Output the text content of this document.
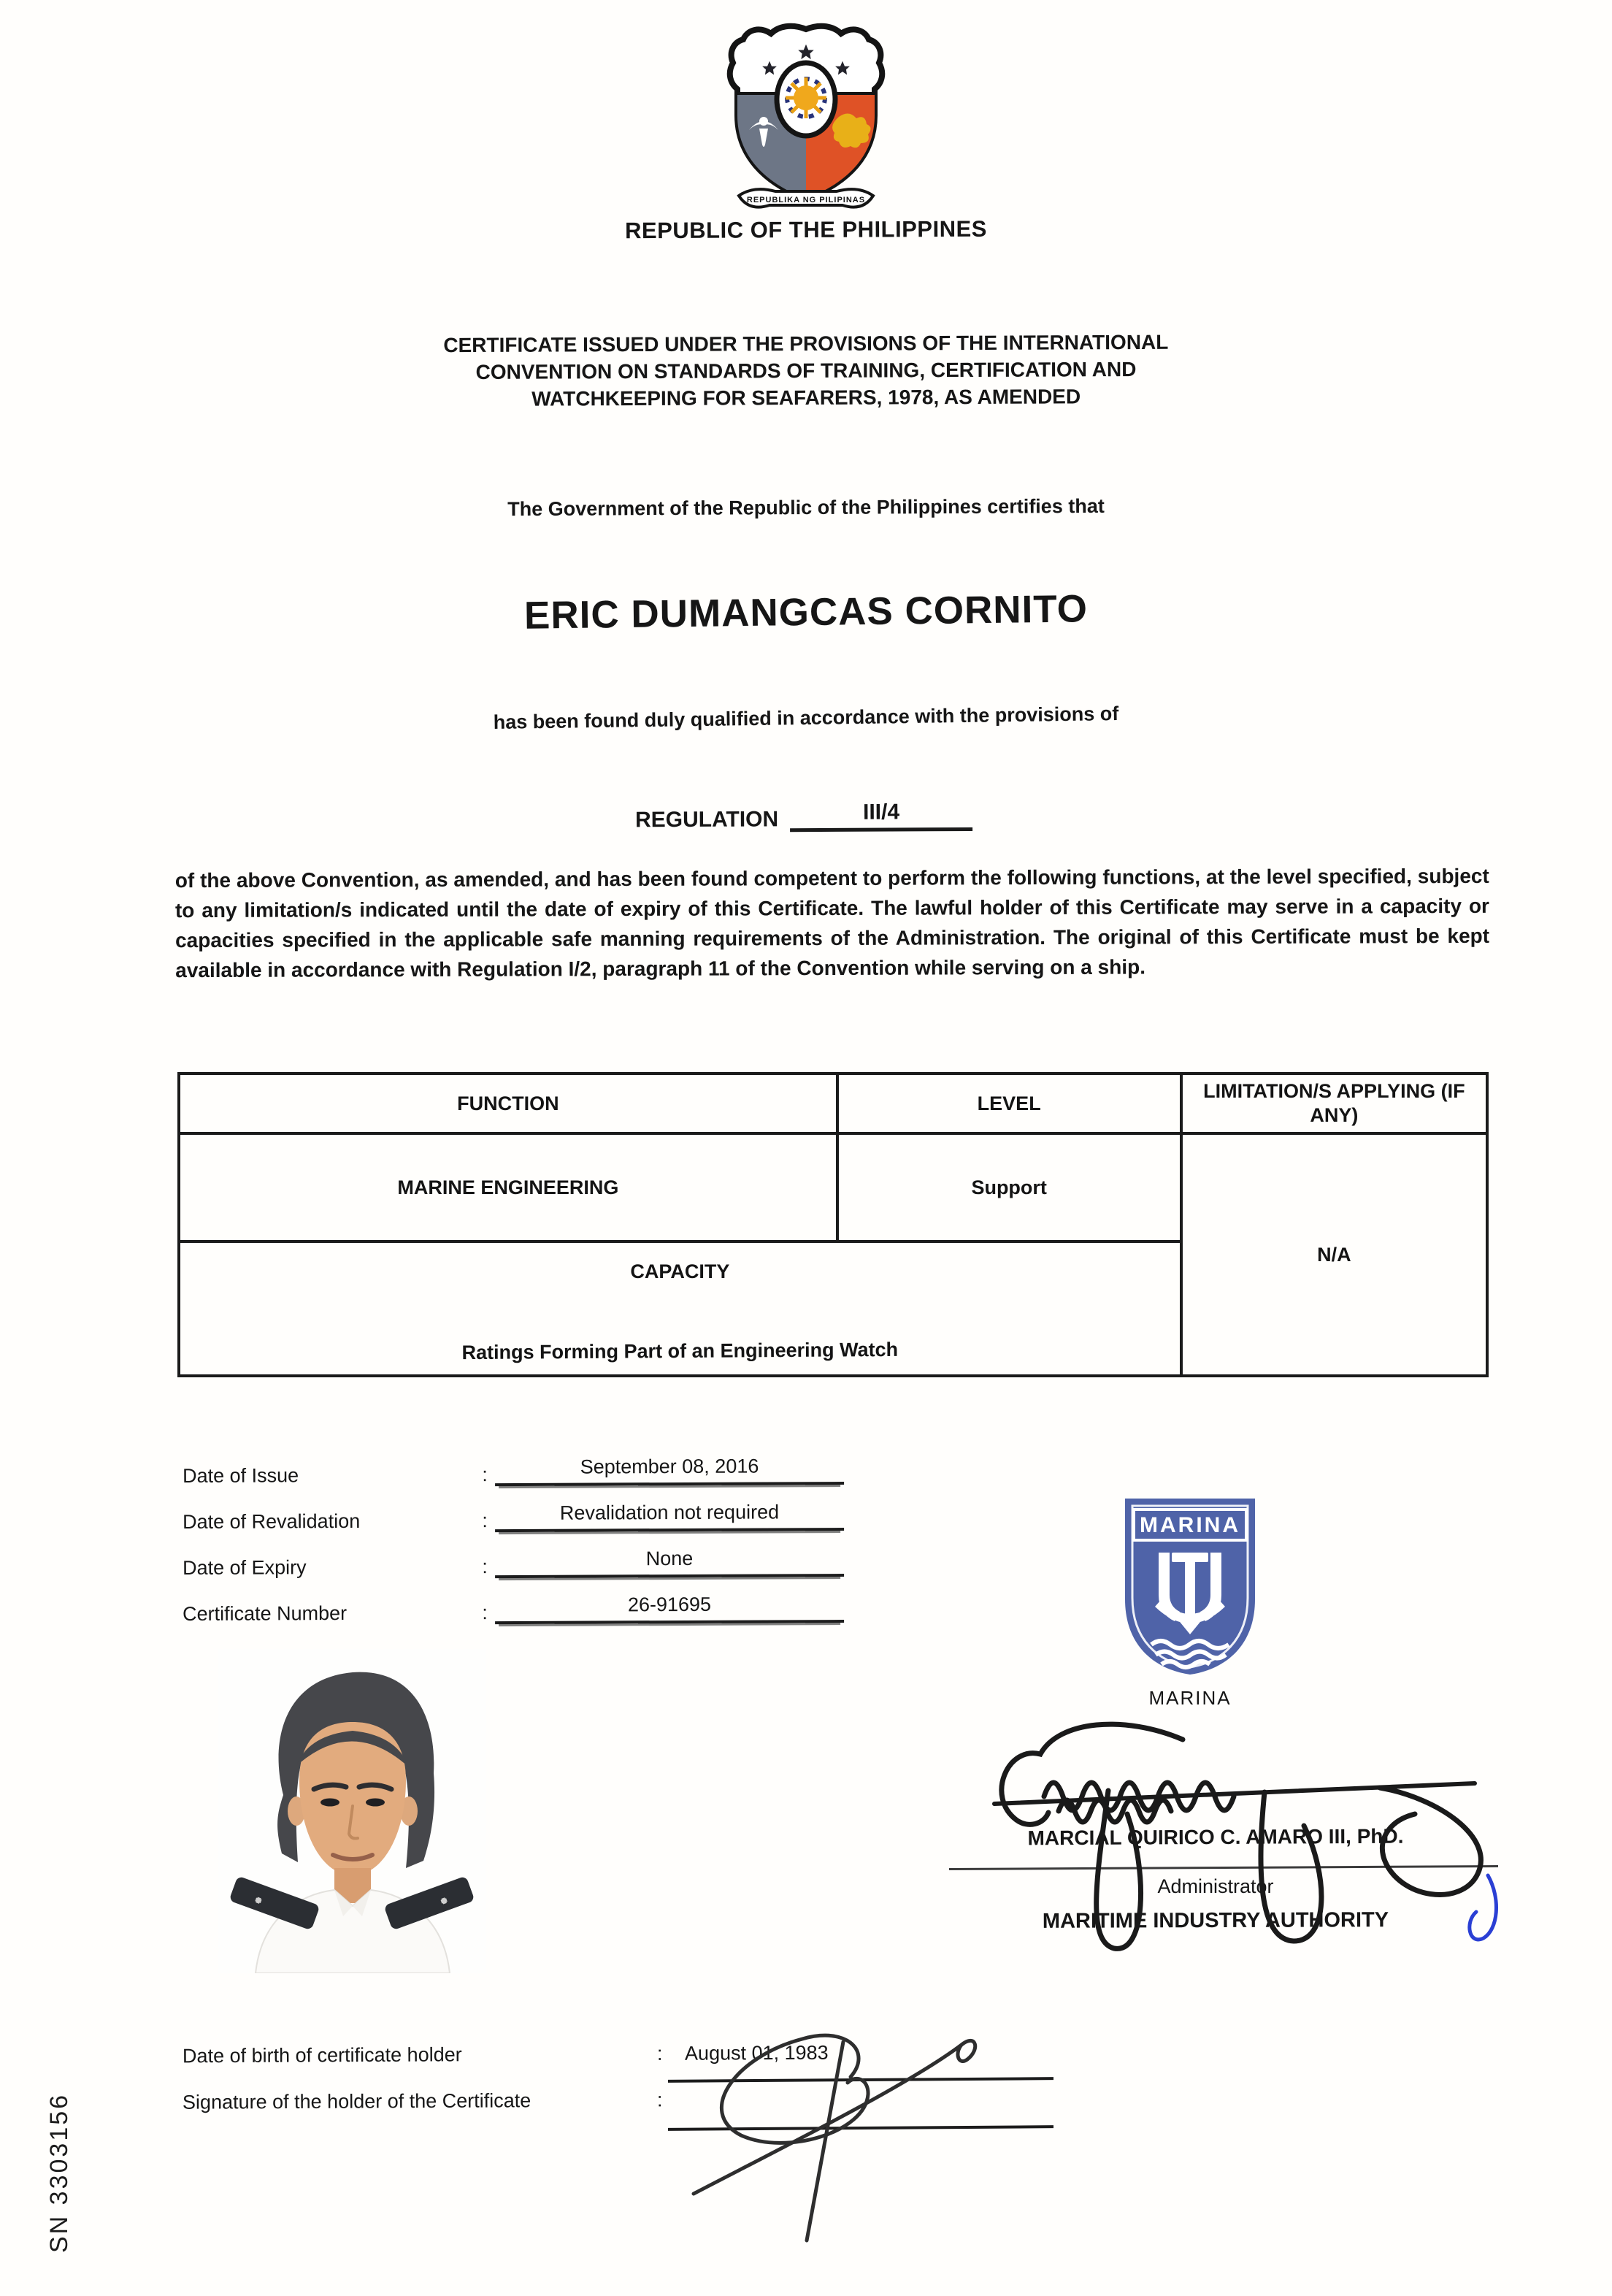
REPUBLIKA NG PILIPINAS
REPUBLIC OF THE PHILIPPINES
CERTIFICATE ISSUED UNDER THE PROVISIONS OF THE INTERNATIONAL
CONVENTION ON STANDARDS OF TRAINING, CERTIFICATION AND
WATCHKEEPING FOR SEAFARERS, 1978, AS AMENDED
The Government of the Republic of the Philippines certifies that
ERIC DUMANGCAS CORNITO
has been found duly qualified in accordance with the provisions of
REGULATION	III/4
of the above Convention, as amended, and has been found competent to perform the following functions, at the level specified, subject to any limitation/s indicated until the date of expiry of this Certificate. The lawful holder of this Certificate may serve in a capacity or capacities specified in the applicable safe manning requirements of the Administration. The original of this Certificate must be kept available in accordance with Regulation I/2, paragraph 11 of the Convention while serving on a ship.
FUNCTION	LEVEL	LIMITATION/S APPLYING (IF ANY)
MARINE ENGINEERING	Support	N/A

CAPACITY
Ratings Forming Part of an Engineering Watch		
Date of Issue	:	September 08, 2016
Date of Revalidation	:	Revalidation not required
Date of Expiry	:	None
Certificate Number	:	26-91695
MARINA
MARINA
MARCIAL QUIRICO C. AMARO III, PhD.
Administrator
MARITIME INDUSTRY AUTHORITY
Date of birth of certificate holder	:	August 01, 1983
Signature of the holder of the Certificate	:
SN 3303156
